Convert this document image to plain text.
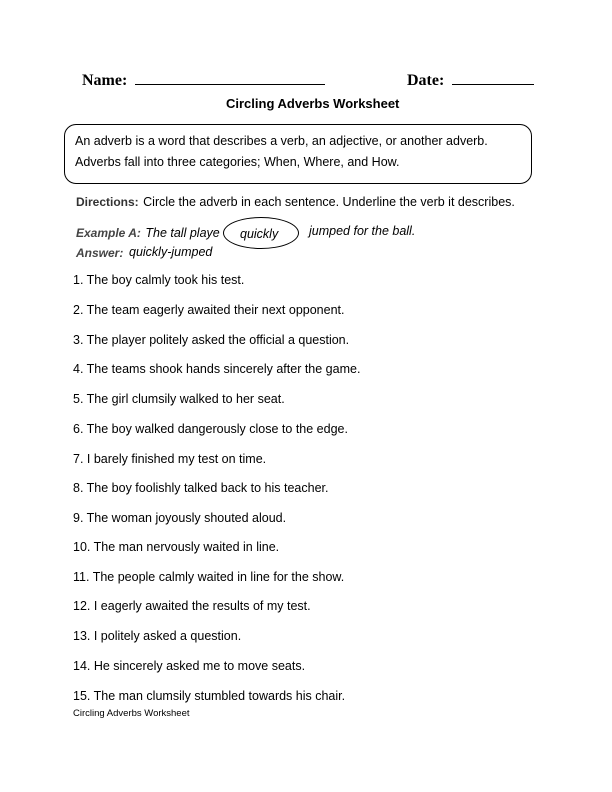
Name:	Date:
Circling Adverbs Worksheet
An adverb is a word that describes a verb, an adjective, or another adverb.
Adverbs fall into three categories; When, Where, and How.
Directions: Circle the adverb in each sentence. Underline the verb it describes.
Example A: The tall playe quickly jumped for the ball.
Answer: quickly-jumped
1. The boy calmly took his test.
2. The team eagerly awaited their next opponent.
3. The player politely asked the official a question.
4. The teams shook hands sincerely after the game.
5. The girl clumsily walked to her seat.
6. The boy walked dangerously close to the edge.
7. I barely finished my test on time.
8. The boy foolishly talked back to his teacher.
9. The woman joyously shouted aloud.
10. The man nervously waited in line.
11. The people calmly waited in line for the show.
12. I eagerly awaited the results of my test.
13. I politely asked a question.
14. He sincerely asked me to move seats.
15. The man clumsily stumbled towards his chair.
Circling Adverbs Worksheet
